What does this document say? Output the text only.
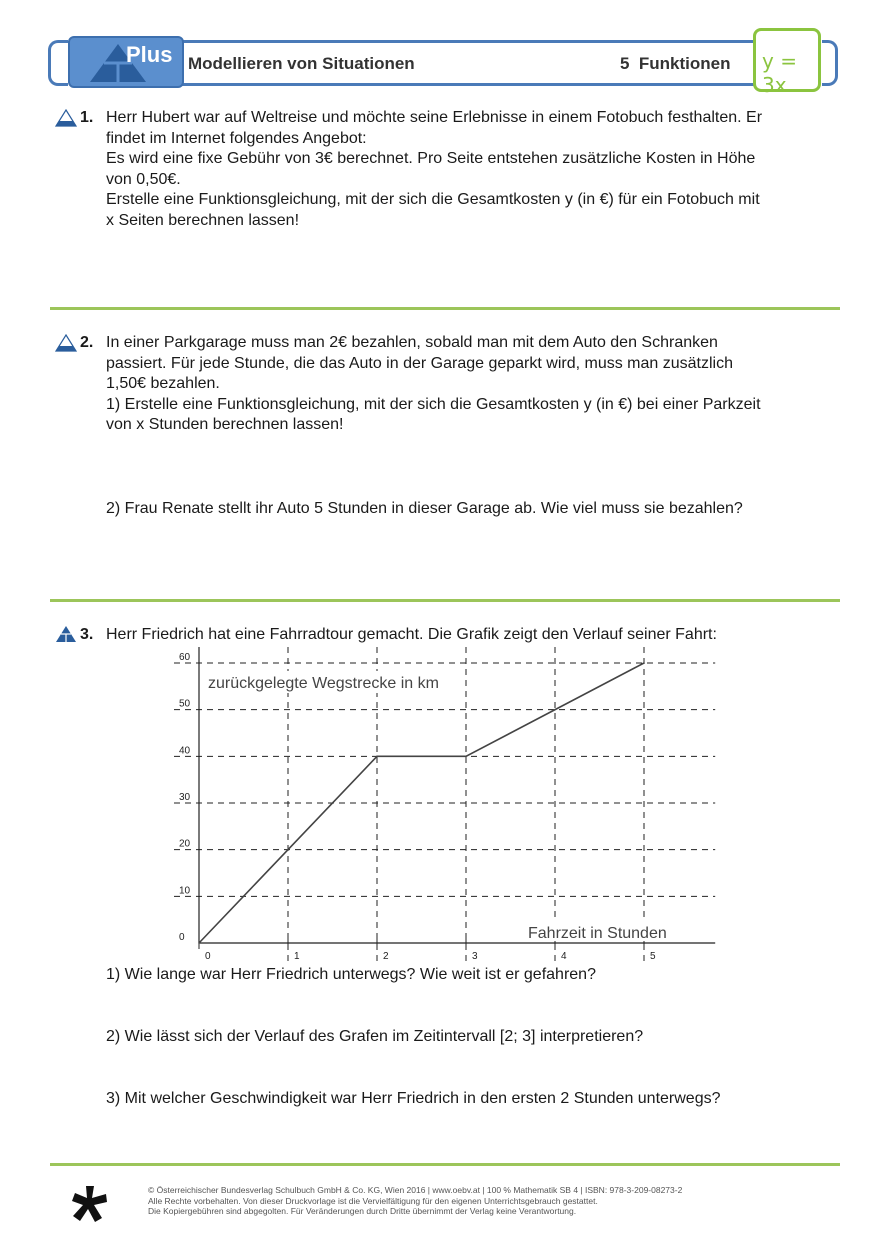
Plus Modellieren von Situationen	5  Funktionen y = 3x
1. Herr Hubert war auf Weltreise und möchte seine Erlebnisse in einem Fotobuch festhalten. Er
findet im Internet folgendes Angebot:
Es wird eine fixe Gebühr von 3€ berechnet. Pro Seite entstehen zusätzliche Kosten in Höhe
von 0,50€.
Erstelle eine Funktionsgleichung, mit der sich die Gesamtkosten y (in €) für ein Fotobuch mit
x Seiten berechnen lassen!
2. In einer Parkgarage muss man 2€ bezahlen, sobald man mit dem Auto den Schranken
passiert. Für jede Stunde, die das Auto in der Garage geparkt wird, muss man zusätzlich
1,50€ bezahlen.
1) Erstelle eine Funktionsgleichung, mit der sich die Gesamtkosten y (in €) bei einer Parkzeit
von x Stunden berechnen lassen!
2) Frau Renate stellt ihr Auto 5 Stunden in dieser Garage ab. Wie viel muss sie bezahlen?
3. Herr Friedrich hat eine Fahrradtour gemacht. Die Grafik zeigt den Verlauf seiner Fahrt:
0
10
20
30
40
50
60
0	1	2	3	4	5
zurückgelegte Wegstrecke in km
Fahrzeit in Stunden
1) Wie lange war Herr Friedrich unterwegs? Wie weit ist er gefahren?
2) Wie lässt sich der Verlauf des Grafen im Zeitintervall [2; 3] interpretieren?
3) Mit welcher Geschwindigkeit war Herr Friedrich in den ersten 2 Stunden unterwegs?
© Österreichischer Bundesverlag Schulbuch GmbH & Co. KG, Wien 2016 | www.oebv.at | 100 % Mathematik SB 4 | ISBN: 978-3-209-08273-2
Alle Rechte vorbehalten. Von dieser Druckvorlage ist die Vervielfältigung für den eigenen Unterrichtsgebrauch gestattet.
Die Kopiergebühren sind abgegolten. Für Veränderungen durch Dritte übernimmt der Verlag keine Verantwortung.
